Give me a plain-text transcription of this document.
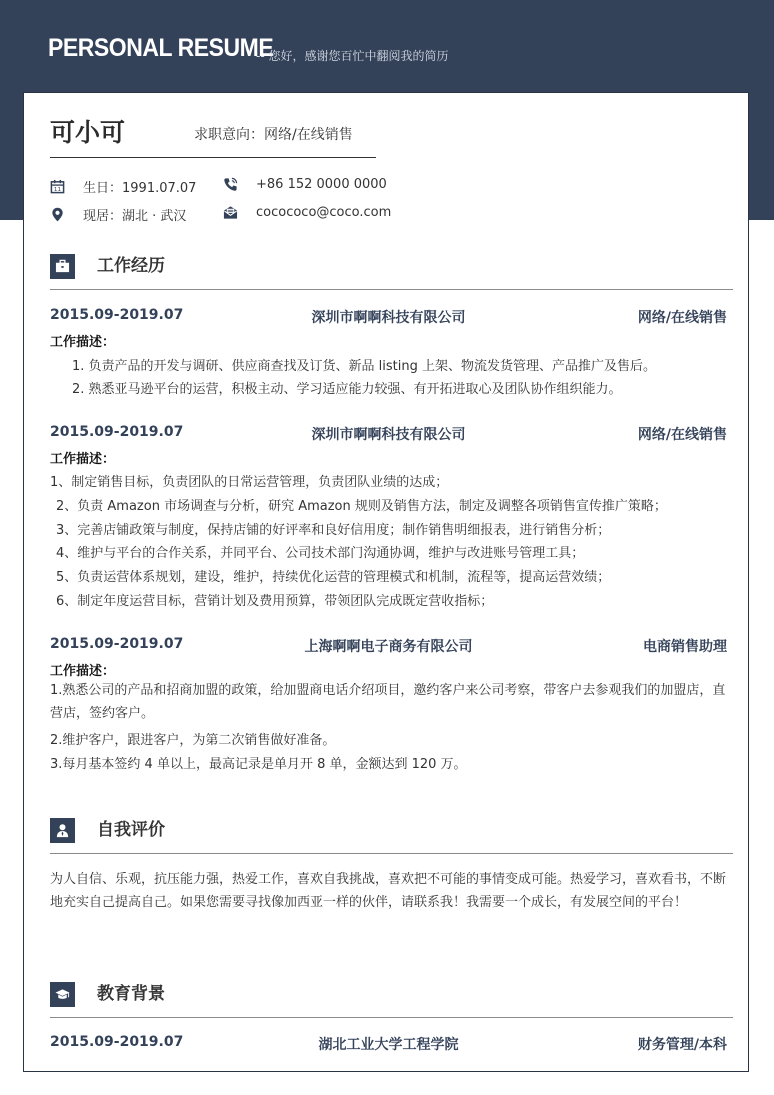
PERSONAL RESUME
-- 您好，感谢您百忙中翻阅我的简历
可小可	求职意向：网络/在线销售
11 生日：1991.07.07	+86 152 0000 0000
现居：湖北 · 武汉	cocococo@coco.com
工作经历
2015.09-2019.07	深圳市啊啊科技有限公司	网络/在线销售
工作描述：
1. 负责产品的开发与调研、供应商查找及订货、新品 listing 上架、物流发货管理、产品推广及售后。
2. 熟悉亚马逊平台的运营，积极主动、学习适应能力较强、有开拓进取心及团队协作组织能力。
2015.09-2019.07	深圳市啊啊科技有限公司	网络/在线销售
工作描述：
1、制定销售目标，负责团队的日常运营管理，负责团队业绩的达成；
2、负责 Amazon 市场调查与分析，研究 Amazon 规则及销售方法，制定及调整各项销售宣传推广策略；
3、完善店铺政策与制度，保持店铺的好评率和良好信用度；制作销售明细报表，进行销售分析；
4、维护与平台的合作关系，并同平台、公司技术部门沟通协调，维护与改进账号管理工具；
5、负责运营体系规划，建设，维护，持续优化运营的管理模式和机制，流程等，提高运营效绩；
6、制定年度运营目标，营销计划及费用预算，带领团队完成既定营收指标；
2015.09-2019.07	上海啊啊电子商务有限公司	电商销售助理
工作描述：
1.熟悉公司的产品和招商加盟的政策，给加盟商电话介绍项目，邀约客户来公司考察，带客户去参观我们的加盟店，直营店，签约客户。
2.维护客户，跟进客户，为第二次销售做好准备。
3.每月基本签约 4 单以上，最高记录是单月开 8 单，金额达到 120 万。
自我评价
为人自信、乐观，抗压能力强，热爱工作，喜欢自我挑战，喜欢把不可能的事情变成可能。热爱学习，喜欢看书，不断地充实自己提高自己。如果您需要寻找像加西亚一样的伙伴，请联系我！我需要一个成长，有发展空间的平台！
教育背景
2015.09-2019.07	湖北工业大学工程学院	财务管理/本科
